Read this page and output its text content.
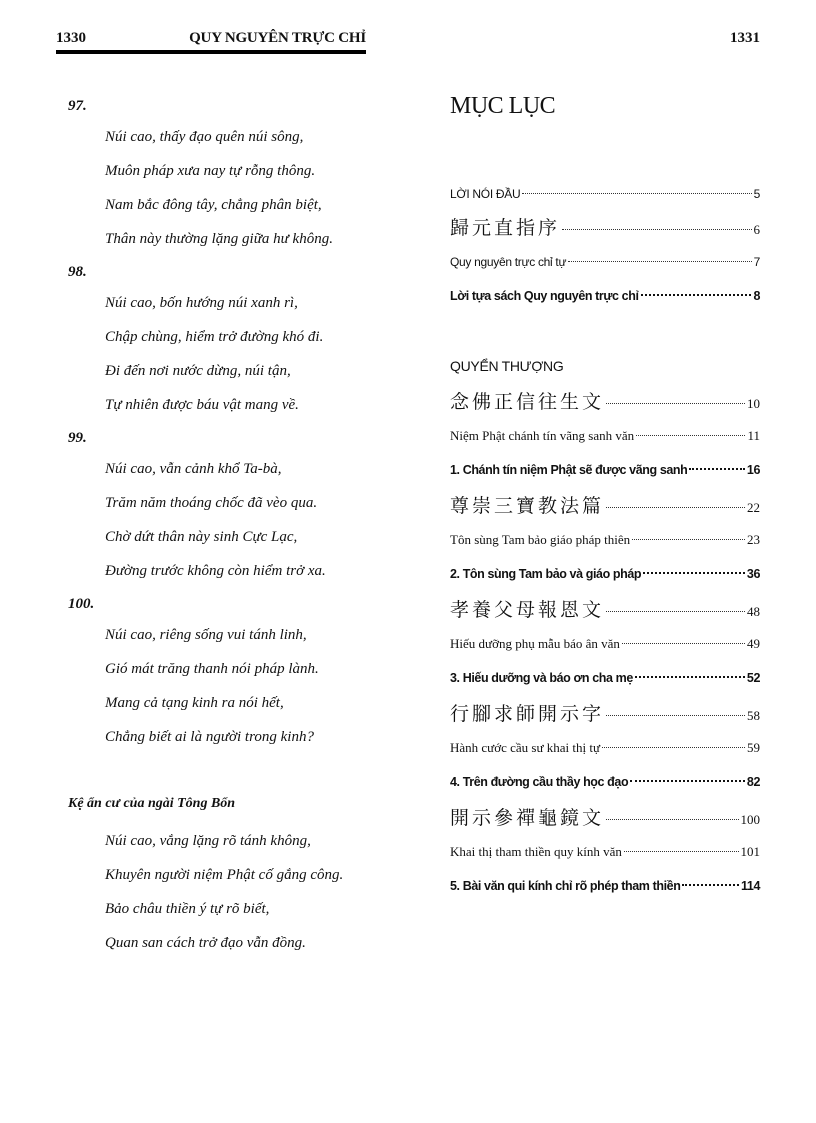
1330	QUY NGUYÊN TRỰC CHỈ	1331
97.
Núi cao, thấy đạo quên núi sông,
Muôn pháp xưa nay tự rỗng thông.
Nam bắc đông tây, chẳng phân biệt,
Thân này thường lặng giữa hư không.
98.
Núi cao, bốn hướng núi xanh rì,
Chập chùng, hiểm trở đường khó đi.
Đi đến nơi nước dừng, núi tận,
Tự nhiên được báu vật mang về.
99.
Núi cao, vẫn cảnh khổ Ta-bà,
Trăm năm thoáng chốc đã vèo qua.
Chờ dứt thân này sinh Cực Lạc,
Đường trước không còn hiểm trở xa.
100.
Núi cao, riêng sống vui tánh linh,
Gió mát trăng thanh nói pháp lành.
Mang cả tạng kinh ra nói hết,
Chẳng biết ai là người trong kinh?
Kệ ẩn cư của ngài Tông Bổn
Núi cao, vắng lặng rõ tánh không,
Khuyên người niệm Phật cố gắng công.
Bảo châu thiền ý tự rõ biết,
Quan san cách trở đạo vẫn đồng.
MỤC LỤC
LỜI NÓI ĐẦU	5
歸元直指序	6
Quy nguyên trực chỉ tự	7
Lời tựa sách Quy nguyên trực chỉ	8
QUYỂN THƯỢNG
念佛正信往生文	10
Niệm Phật chánh tín vãng sanh văn	11
1. Chánh tín niệm Phật sẽ được vãng sanh	16
尊崇三寶教法篇	22
Tôn sùng Tam bảo giáo pháp thiên	23
2. Tôn sùng Tam bảo và giáo pháp	36
孝養父母報恩文	48
Hiếu dưỡng phụ mẫu báo ân văn	49
3. Hiếu dưỡng và báo ơn cha mẹ	52
行腳求師開示字	58
Hành cước cầu sư khai thị tự	59
4. Trên đường cầu thầy học đạo	82
開示參禪龜鏡文	100
Khai thị tham thiền quy kính văn	101
5. Bài văn qui kính chỉ rõ phép tham thiền	114
